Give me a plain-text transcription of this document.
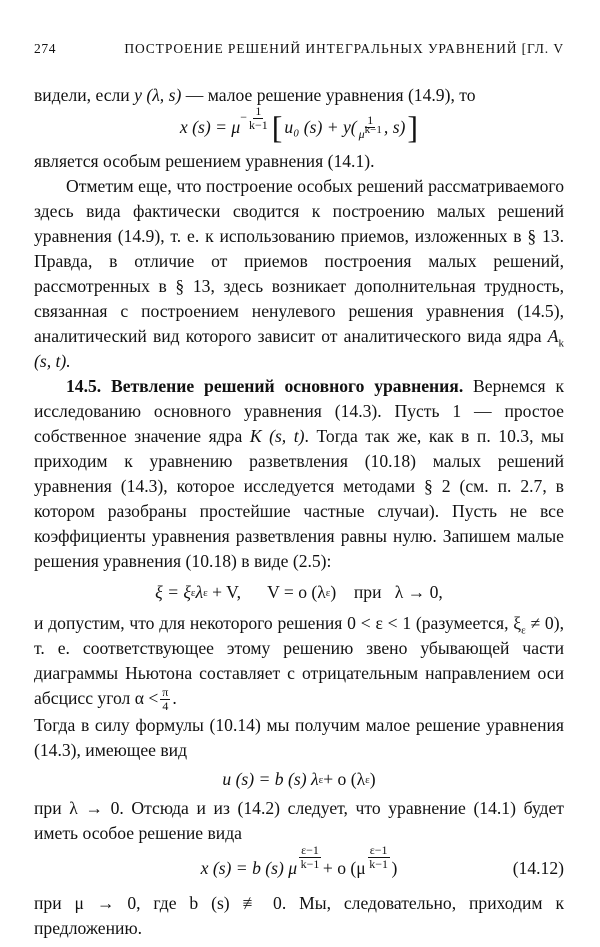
274	ПОСТРОЕНИЕ РЕШЕНИЙ ИНТЕГРАЛЬНЫХ УРАВНЕНИЙ [ГЛ. V

видели, если y (λ, s) — малое решение уравнения (14.9), то

x $(s) = \mu - \frac{1}{k-1}$ [ u₀ $(s) + y( \frac{1}{\mu k-1}$ , s) ]

является особым решением уравнения (14.1).

Отметим еще, что построение особых решений рассматриваемого здесь вида фактически сводится к построению малых решений уравнения (14.9), т. е. к использованию приемов, изложенных в § 13. Правда, в отличие от приемов построения малых решений, рассмотренных в § 13, здесь возникает дополнительная трудность, связанная с построением ненулевого решения уравнения (14.5), аналитический вид которого зависит от аналитического вида ядра $A_k$ (s, t).

14.5. Ветвление решений основного уравнения. Вернемся к исследованию основного уравнения (14.3). Пусть 1 — простое собственное значение ядра K (s, t). Тогда так же, как в п. 10.3, мы приходим к уравнению разветвления (10.18) малых решений уравнения (14.3), которое исследуется методами § 2 (см. п. 2.7, в котором разобраны простейшие частные случаи). Пусть не все коэффициенты уравнения разветвления равны нулю. Запишем малые решения уравнения (10.18) в виде (2.5):

ξ = ξ ε λ ε + V,      V = o (λ ε )    при   λ → 0,

и допустим, что для некоторого решения 0 < ε < 1 (разумеется, $\xi_\varepsilon \ne 0$), т. е. соответствующее этому решению звено убывающей части диаграммы Ньютона составляет с отрицательным направлением оси абсцисс угол $\alpha < \frac{\pi}{4}$ .

Тогда в силу формулы (10.14) мы получим малое решение уравнения (14.3), имеющее вид

u (s) = b (s) λ ε + o (λ ε )

при λ → 0. Отсюда и из (14.2) следует, что уравнение (14.1) будет иметь особое решение вида

x (s) = b (s) μ $\frac{\varepsilon-1}{k-1} + o$ ($\mu \frac{\varepsilon-1}{k-1}$ )	(14.12)

при μ → 0, где b (s) ≢ 0. Мы, следовательно, приходим к предложению.
